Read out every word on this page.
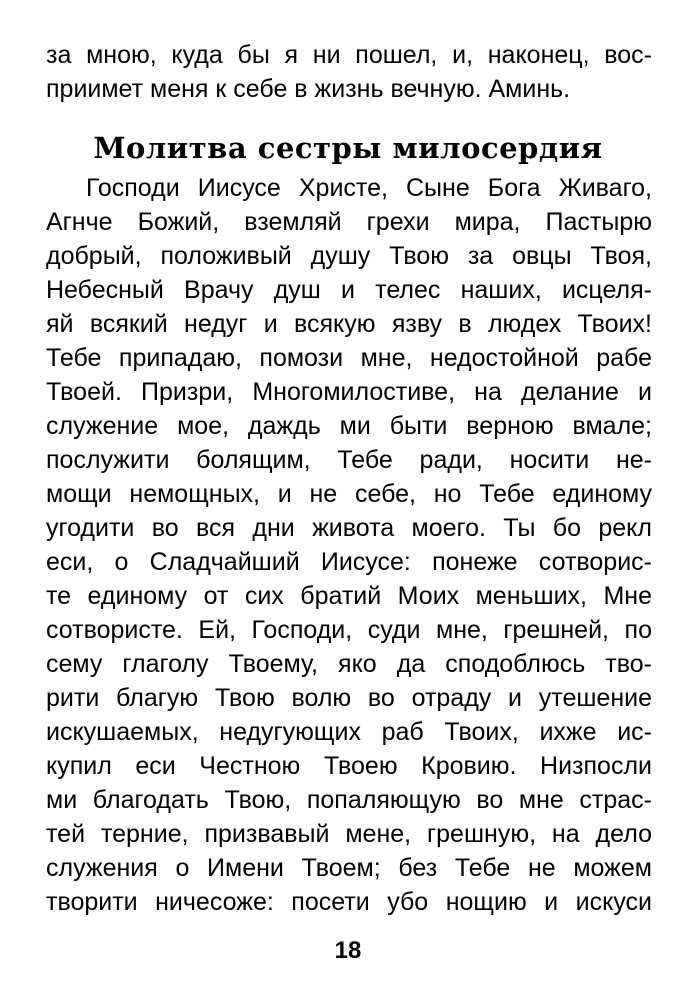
за мною, куда бы я ни пошел, и, наконец, вос-
приимет меня к себе в жизнь вечную. Аминь.
Молитва сестры милосердия
Господи Иисусе Христе, Сыне Бога Живаго,
Агнче Божий, вземляй грехи мира, Пастырю
добрый, положивый душу Твою за овцы Твоя,
Небесный Врачу душ и телес наших, исцеля-
яй всякий недуг и всякую язву в людех Твоих!
Тебе припадаю, помози мне, недостойной рабе
Твоей. Призри, Многомилостиве, на делание и
служение мое, даждь ми быти верною вмале;
послужити болящим, Тебе ради, носити не-
мощи немощных, и не себе, но Тебе единому
угодити во вся дни живота моего. Ты бо рекл
еси, о Сладчайший Иисусе: понеже сотворис-
те единому от сих братий Моих меньших, Мне
сотвористе. Ей, Господи, суди мне, грешней, по
сему глаголу Твоему, яко да сподоблюсь тво-
рити благую Твою волю во отраду и утешение
искушаемых, недугующих раб Твоих, ихже ис-
купил еси Честною Твоею Кровию. Низпосли
ми благодать Твою, попаляющую во мне страс-
тей терние, призвавый мене, грешную, на дело
служения о Имени Твоем; без Тебе не можем
творити ничесоже: посети убо нощию и искуси
18
